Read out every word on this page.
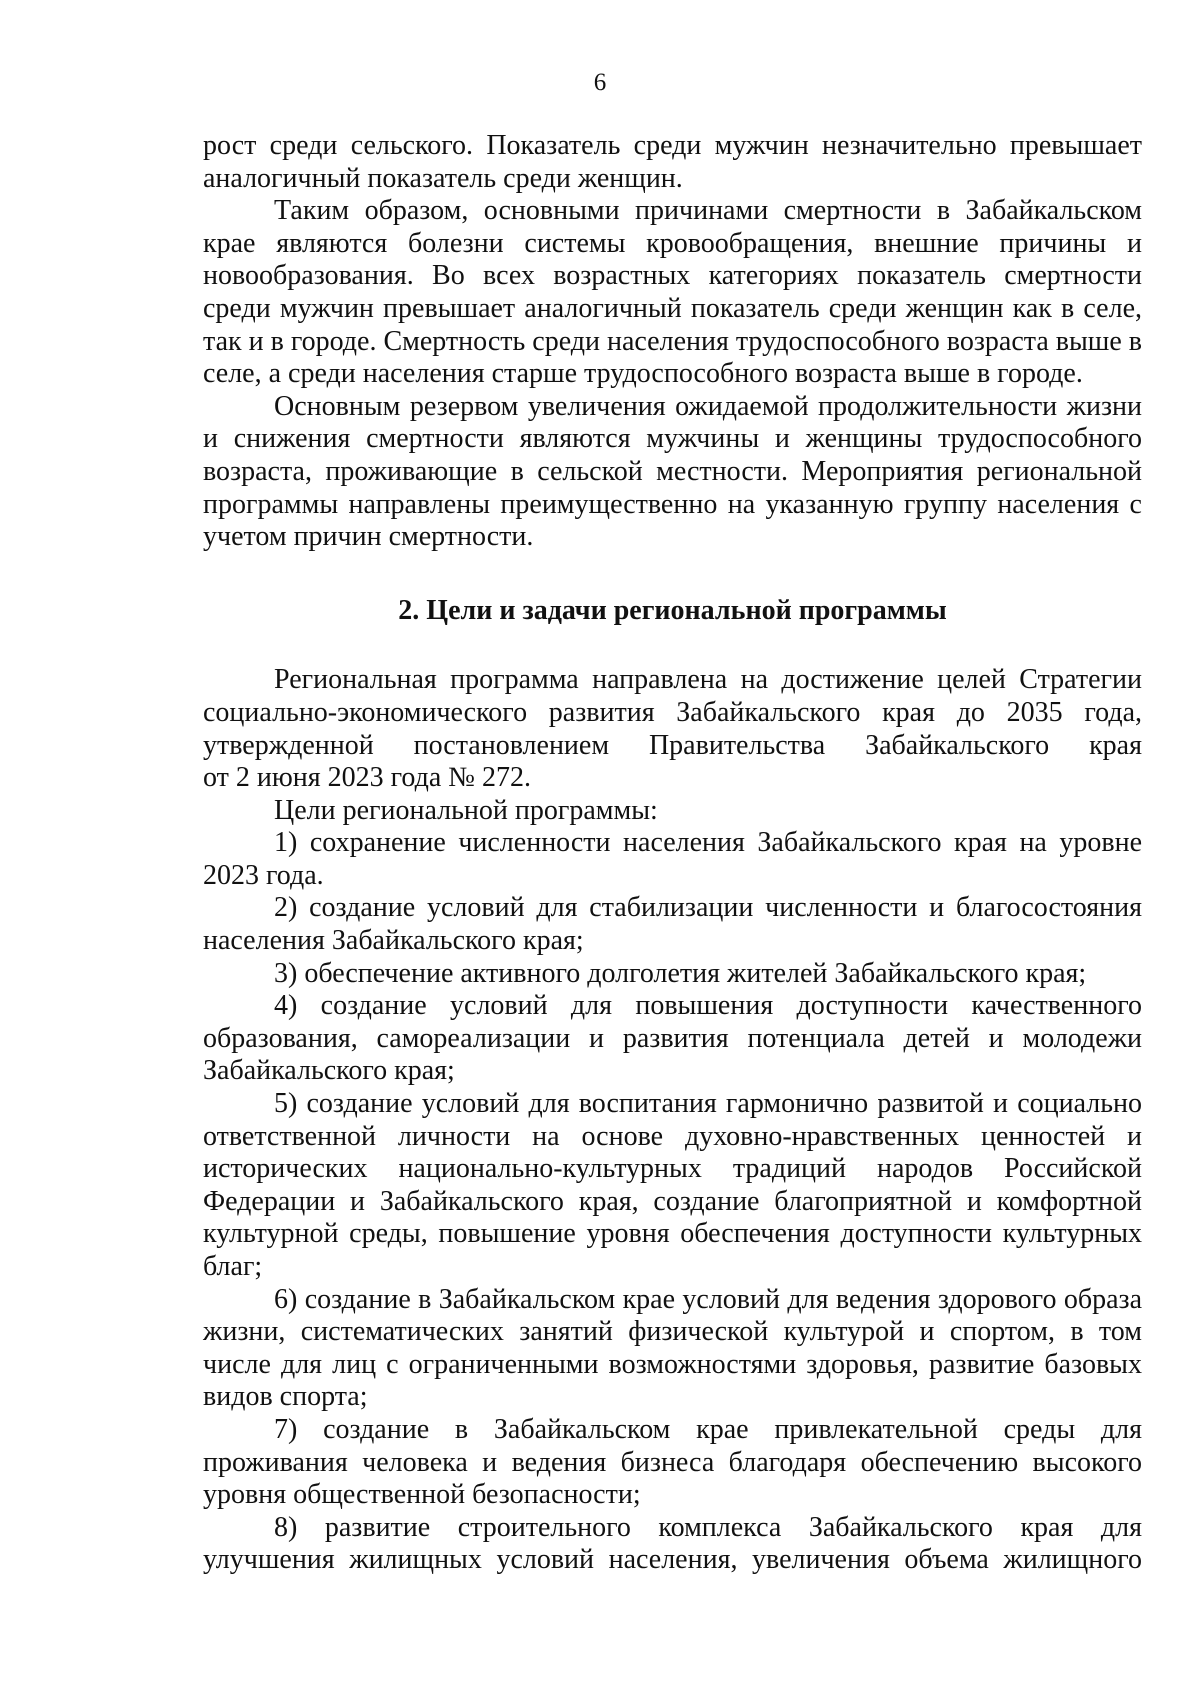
6

рост среди сельского. Показатель среди мужчин незначительно превышает аналогичный показатель среди женщин.

Таким образом, основными причинами смертности в Забайкальском крае являются болезни системы кровообращения, внешние причины и новообразования. Во всех возрастных категориях показатель смертности среди мужчин превышает аналогичный показатель среди женщин как в селе, так и в городе. Смертность среди населения трудоспособного возраста выше в селе, а среди населения старше трудоспособного возраста выше в городе.

Основным резервом увеличения ожидаемой продолжительности жизни и снижения смертности являются мужчины и женщины трудоспособного возраста, проживающие в сельской местности. Мероприятия региональной программы направлены преимущественно на указанную группу населения с учетом причин смертности.

2. Цели и задачи региональной программы

Региональная программа направлена на достижение целей Стратегии социально-экономического развития Забайкальского края до 2035 года, утвержденной постановлением Правительства Забайкальского края

от 2 июня 2023 года № 272.

Цели региональной программы:

1) сохранение численности населения Забайкальского края на уровне 2023 года.

2) создание условий для стабилизации численности и благосостояния населения Забайкальского края;

3) обеспечение активного долголетия жителей Забайкальского края;

4) создание условий для повышения доступности качественного образования, самореализации и развития потенциала детей и молодежи Забайкальского края;

5) создание условий для воспитания гармонично развитой и социально ответственной личности на основе духовно-нравственных ценностей и исторических национально-культурных традиций народов Российской Федерации и Забайкальского края, создание благоприятной и комфортной культурной среды, повышение уровня обеспечения доступности культурных благ;

6) создание в Забайкальском крае условий для ведения здорового образа жизни, систематических занятий физической культурой и спортом, в том числе для лиц с ограниченными возможностями здоровья, развитие базовых видов спорта;

7) создание в Забайкальском крае привлекательной среды для проживания человека и ведения бизнеса благодаря обеспечению высокого уровня общественной безопасности;

8) развитие строительного комплекса Забайкальского края для улучшения жилищных условий населения, увеличения объема жилищного
